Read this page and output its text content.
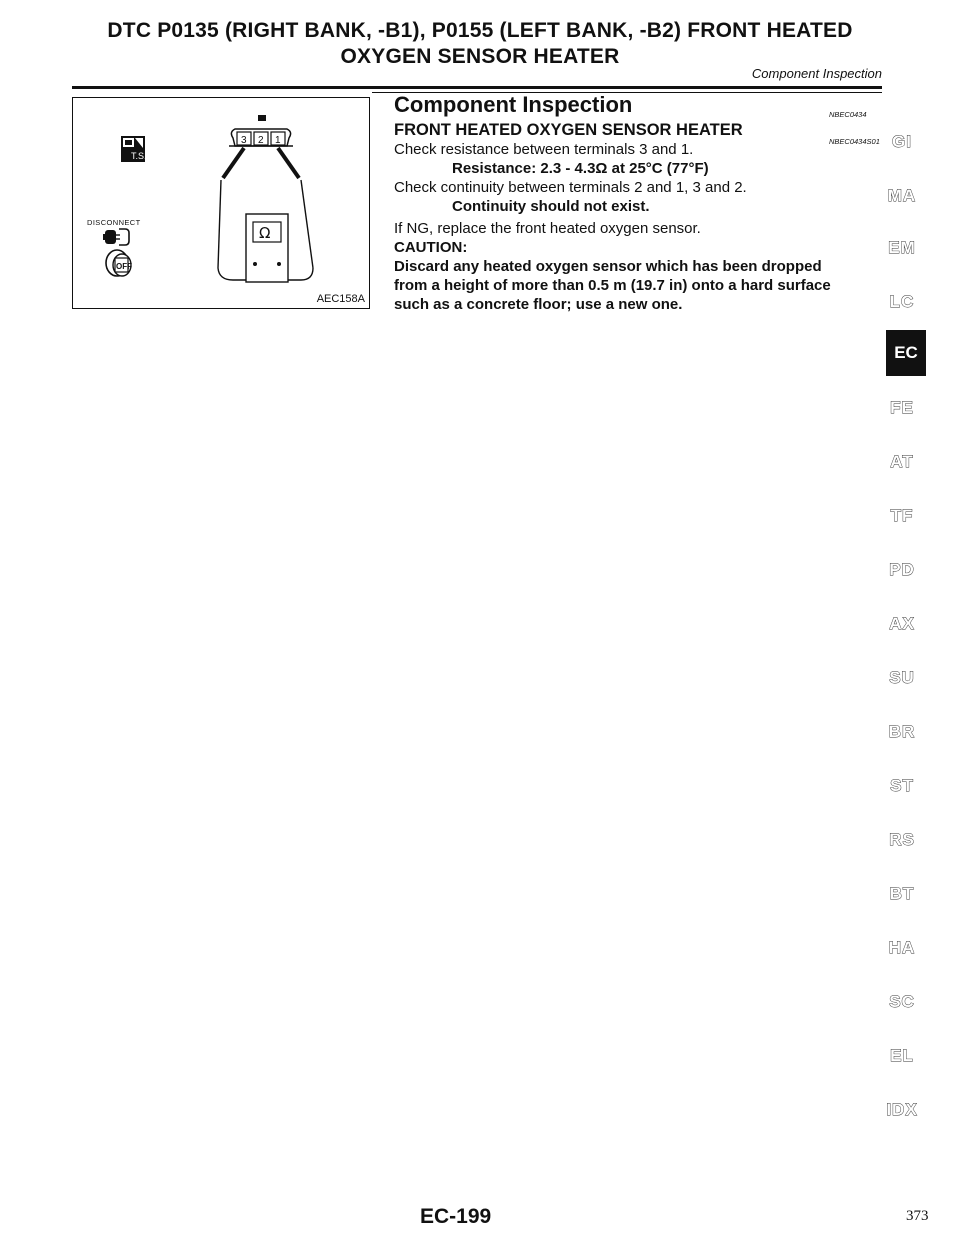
DTC P0135 (RIGHT BANK, -B1), P0155 (LEFT BANK, -B2) FRONT HEATED
OXYGEN SENSOR HEATER
Component Inspection
T.S.
OFF
3 2 1
Ω
DISCONNECT
AEC158A
Component Inspection
FRONT HEATED OXYGEN SENSOR HEATER
Check resistance between terminals 3 and 1.
Resistance: 2.3 - 4.3Ω at 25°C (77°F)
Check continuity between terminals 2 and 1, 3 and 2.
Continuity should not exist.
If NG, replace the front heated oxygen sensor.
CAUTION:
Discard any heated oxygen sensor which has been dropped
from a height of more than 0.5 m (19.7 in) onto a hard surface
such as a concrete floor; use a new one.
NBEC0434
NBEC0434S01 GI
MA
EM
LC
EC
FE
AT
TF
PD
AX
SU
BR
ST
RS
BT
HA
SC
EL
IDX
EC-199	373
